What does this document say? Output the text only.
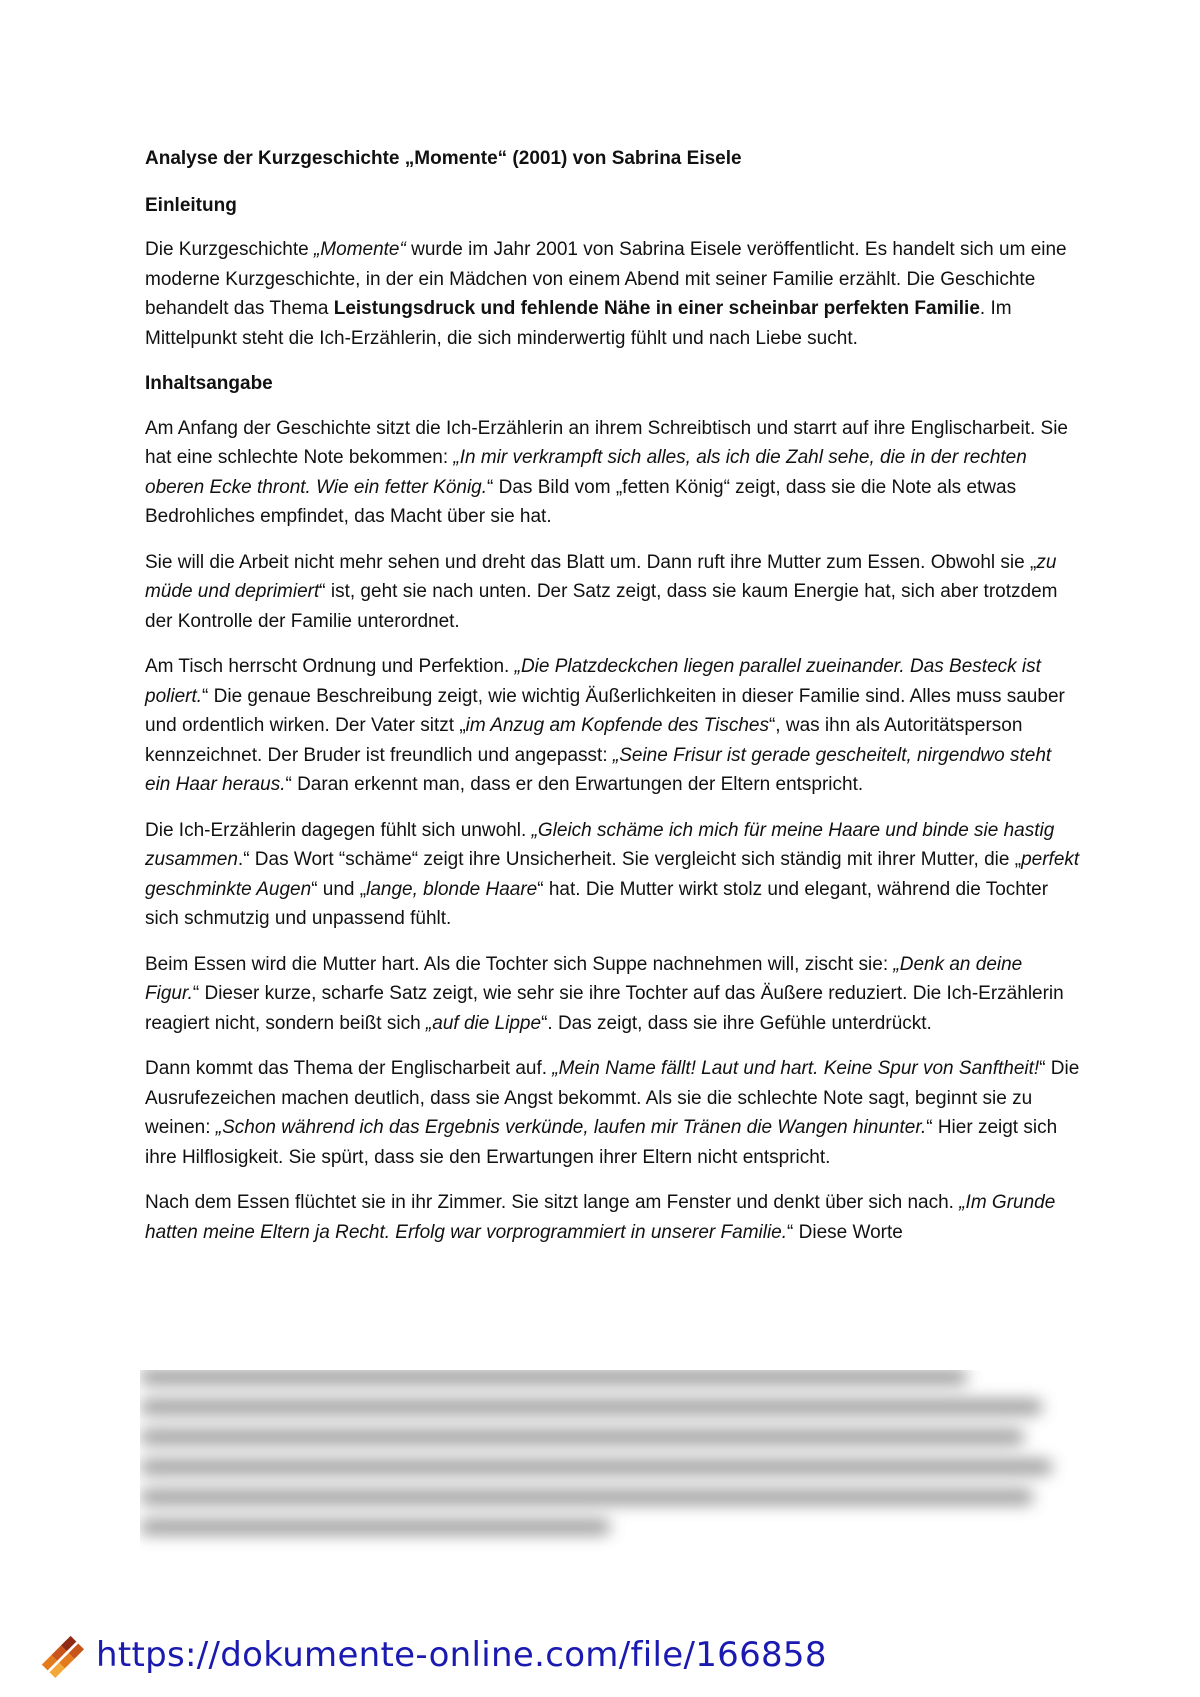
Analyse der Kurzgeschichte „Momente“ (2001) von Sabrina Eisele
Einleitung

Die Kurzgeschichte „Momente“ wurde im Jahr 2001 von Sabrina Eisele veröffentlicht. Es handelt sich um eine moderne Kurzgeschichte, in der ein Mädchen von einem Abend mit seiner Familie erzählt. Die Geschichte behandelt das Thema Leistungsdruck und fehlende Nähe in einer scheinbar perfekten Familie. Im Mittelpunkt steht die Ich-Erzählerin, die sich minderwertig fühlt und nach Liebe sucht.

Inhaltsangabe

Am Anfang der Geschichte sitzt die Ich-Erzählerin an ihrem Schreibtisch und starrt auf ihre Englischarbeit. Sie hat eine schlechte Note bekommen: „In mir verkrampft sich alles, als ich die Zahl sehe, die in der rechten oberen Ecke thront. Wie ein fetter König.“ Das Bild vom „fetten König“ zeigt, dass sie die Note als etwas Bedrohliches empfindet, das Macht über sie hat.

Sie will die Arbeit nicht mehr sehen und dreht das Blatt um. Dann ruft ihre Mutter zum Essen. Obwohl sie „zu müde und deprimiert“ ist, geht sie nach unten. Der Satz zeigt, dass sie kaum Energie hat, sich aber trotzdem der Kontrolle der Familie unterordnet.

Am Tisch herrscht Ordnung und Perfektion. „Die Platzdeckchen liegen parallel zueinander. Das Besteck ist poliert.“ Die genaue Beschreibung zeigt, wie wichtig Äußerlichkeiten in dieser Familie sind. Alles muss sauber und ordentlich wirken. Der Vater sitzt „im Anzug am Kopfende des Tisches“, was ihn als Autoritätsperson kennzeichnet. Der Bruder ist freundlich und angepasst: „Seine Frisur ist gerade gescheitelt, nirgendwo steht ein Haar heraus.“ Daran erkennt man, dass er den Erwartungen der Eltern entspricht.

Die Ich-Erzählerin dagegen fühlt sich unwohl. „Gleich schäme ich mich für meine Haare und binde sie hastig zusammen.“ Das Wort “schäme“ zeigt ihre Unsicherheit. Sie vergleicht sich ständig mit ihrer Mutter, die „perfekt geschminkte Augen“ und „lange, blonde Haare“ hat. Die Mutter wirkt stolz und elegant, während die Tochter sich schmutzig und unpassend fühlt.

Beim Essen wird die Mutter hart. Als die Tochter sich Suppe nachnehmen will, zischt sie: „Denk an deine Figur.“ Dieser kurze, scharfe Satz zeigt, wie sehr sie ihre Tochter auf das Äußere reduziert. Die Ich-Erzählerin reagiert nicht, sondern beißt sich „auf die Lippe“. Das zeigt, dass sie ihre Gefühle unterdrückt.

Dann kommt das Thema der Englischarbeit auf. „Mein Name fällt! Laut und hart. Keine Spur von Sanftheit!“ Die Ausrufezeichen machen deutlich, dass sie Angst bekommt. Als sie die schlechte Note sagt, beginnt sie zu weinen: „Schon während ich das Ergebnis verkünde, laufen mir Tränen die Wangen hinunter.“ Hier zeigt sich ihre Hilflosigkeit. Sie spürt, dass sie den Erwartungen ihrer Eltern nicht entspricht.

Nach dem Essen flüchtet sie in ihr Zimmer. Sie sitzt lange am Fenster und denkt über sich nach. „Im Grunde hatten meine Eltern ja Recht. Erfolg war vorprogrammiert in unserer Familie.“ Diese Worte

https://dokumente-online.com/file/166858
